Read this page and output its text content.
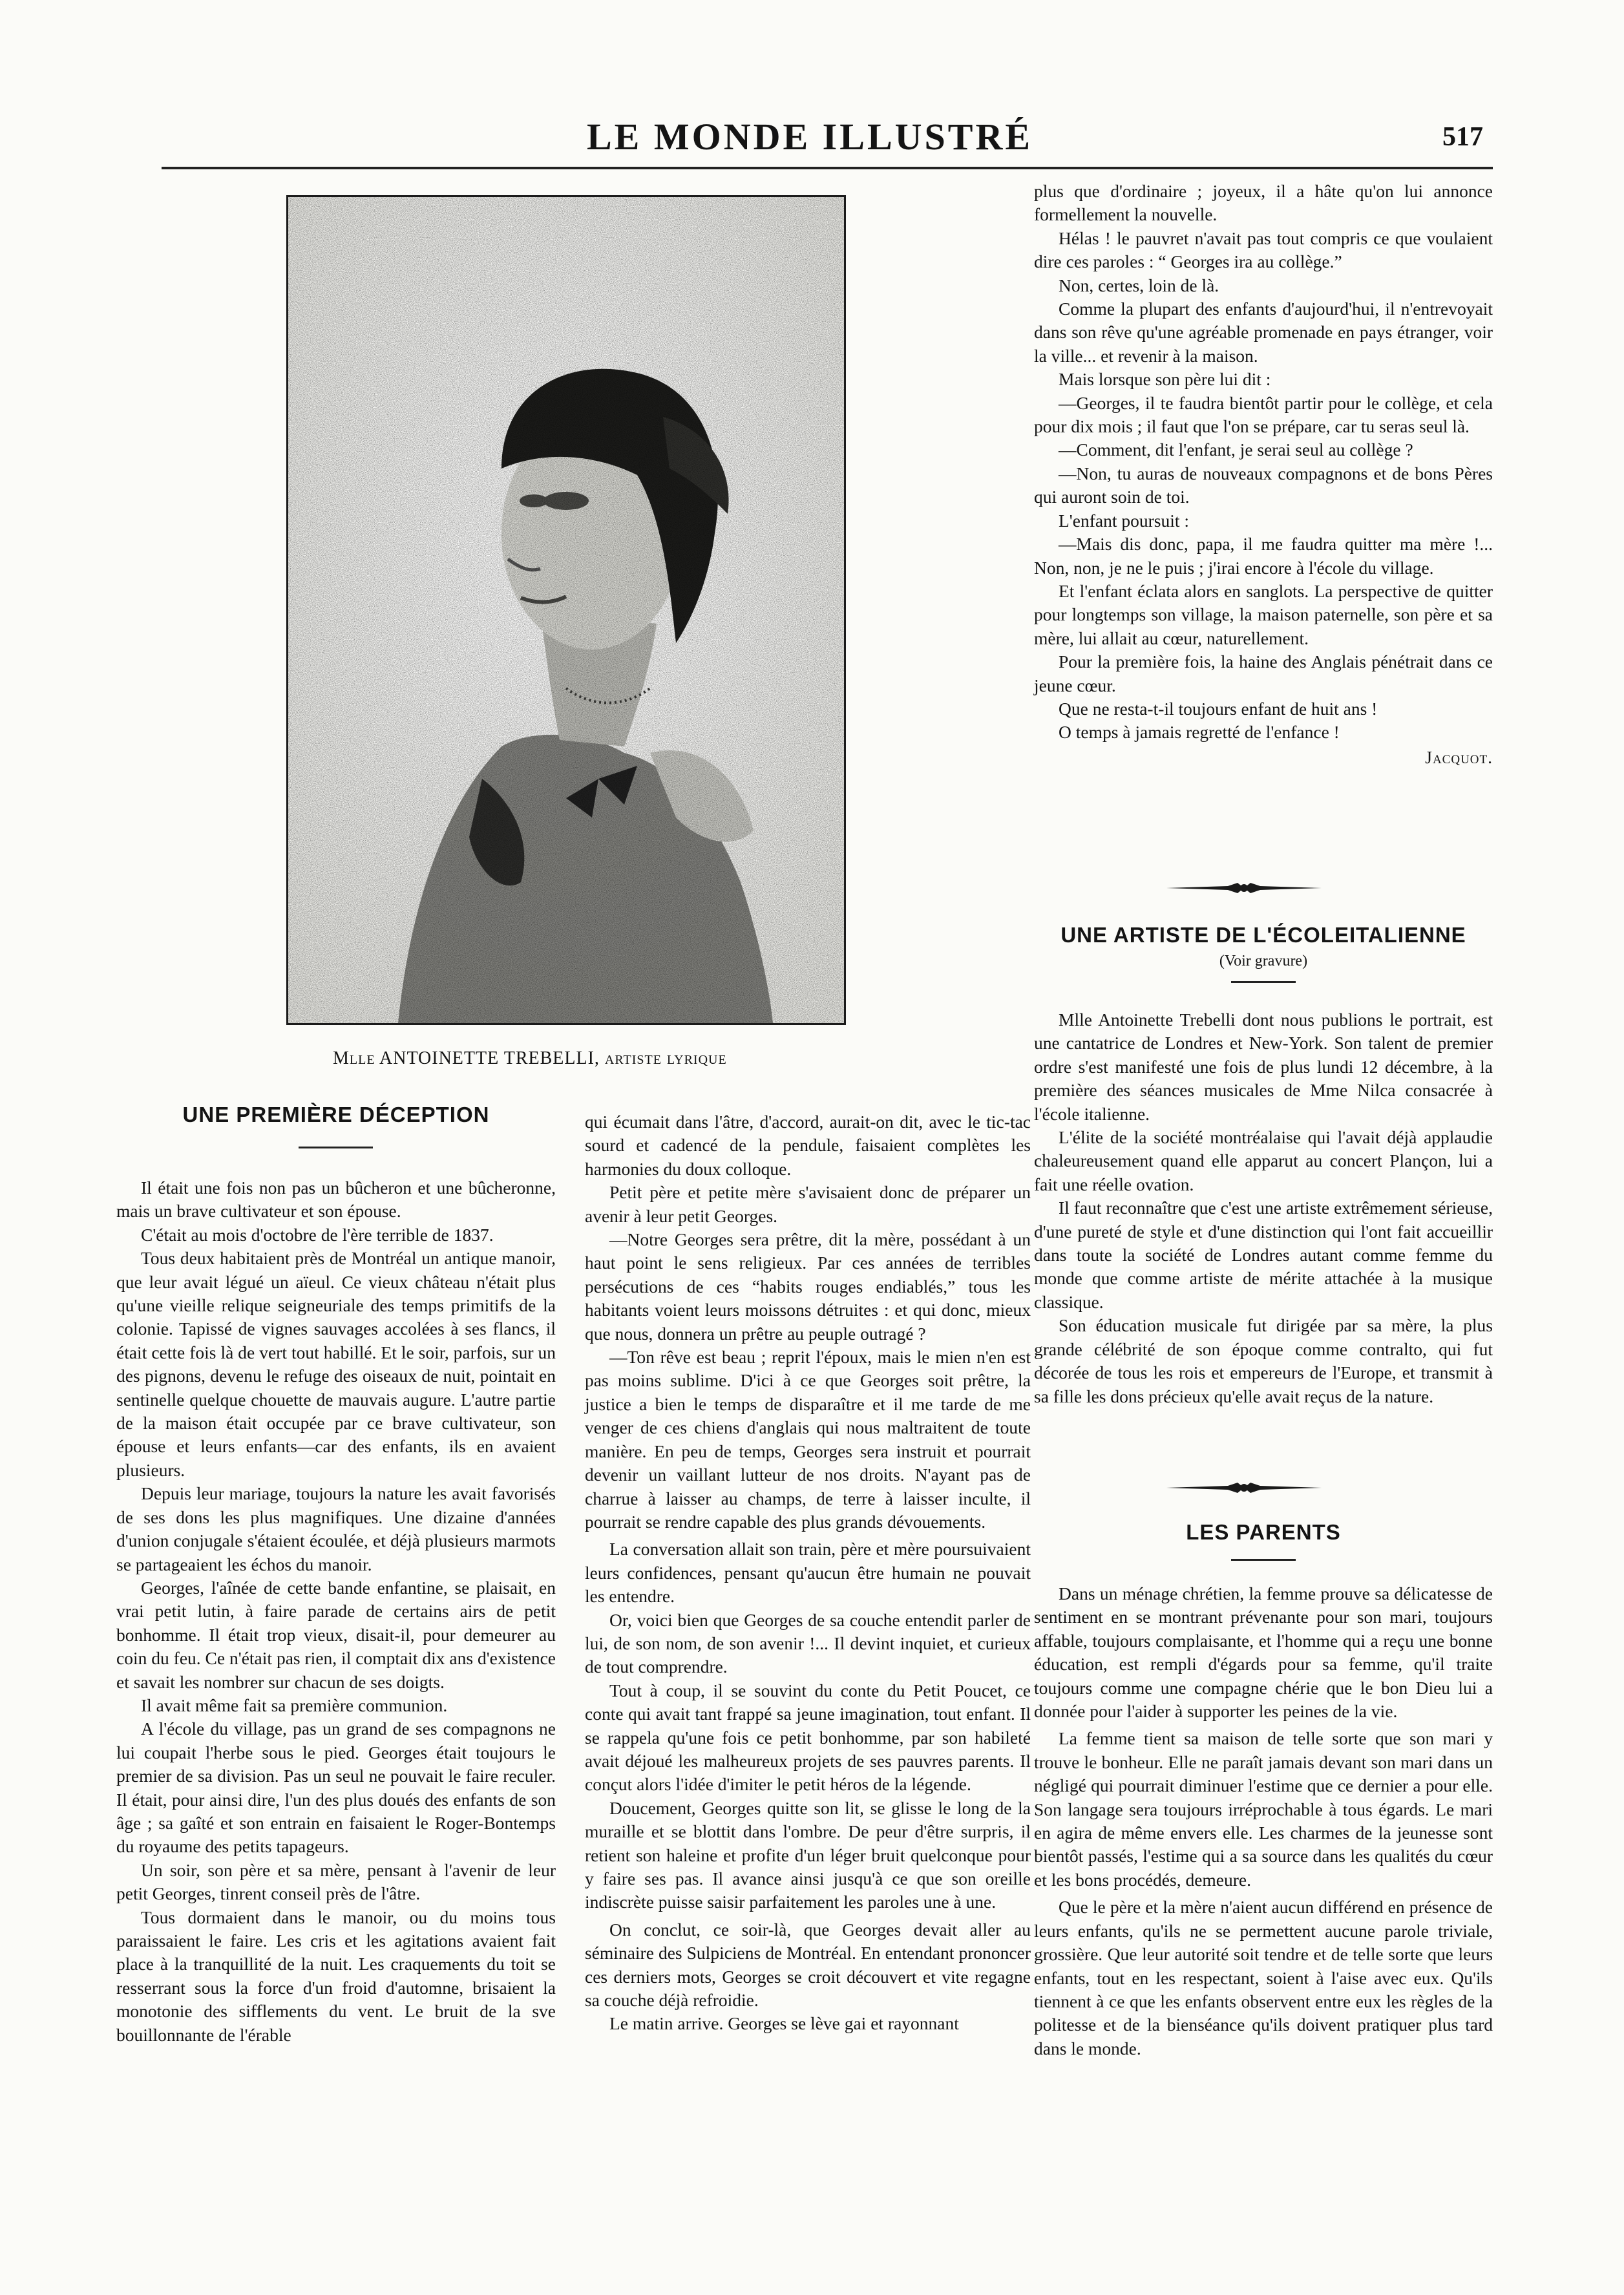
LE MONDE ILLUSTRÉ	517
Mlle ANTOINETTE TREBELLI, artiste lyrique
UNE PREMIÈRE DÉCEPTION

Il était une fois non pas un bûcheron et une bûcheronne, mais un brave cultivateur et son épouse.

C'était au mois d'octobre de l'ère terrible de 1837.

Tous deux habitaient près de Montréal un antique manoir, que leur avait légué un aïeul. Ce vieux château n'était plus qu'une vieille relique seigneuriale des temps primitifs de la colonie. Tapissé de vignes sauvages accolées à ses flancs, il était cette fois là de vert tout habillé. Et le soir, parfois, sur un des pignons, devenu le refuge des oiseaux de nuit, pointait en sentinelle quelque chouette de mauvais augure. L'autre partie de la maison était occupée par ce brave cultivateur, son épouse et leurs enfants—car des enfants, ils en avaient plusieurs.

Depuis leur mariage, toujours la nature les avait favorisés de ses dons les plus magnifiques. Une dizaine d'années d'union conjugale s'étaient écoulée, et déjà plusieurs marmots se partageaient les échos du manoir.

Georges, l'aînée de cette bande enfantine, se plaisait, en vrai petit lutin, à faire parade de certains airs de petit bonhomme. Il était trop vieux, disait-il, pour demeurer au coin du feu. Ce n'était pas rien, il comptait dix ans d'existence et savait les nombrer sur chacun de ses doigts.

Il avait même fait sa première communion.

A l'école du village, pas un grand de ses compagnons ne lui coupait l'herbe sous le pied. Georges était toujours le premier de sa division. Pas un seul ne pouvait le faire reculer. Il était, pour ainsi dire, l'un des plus doués des enfants de son âge ; sa gaîté et son entrain en faisaient le Roger-Bontemps du royaume des petits tapageurs.

Un soir, son père et sa mère, pensant à l'avenir de leur petit Georges, tinrent conseil près de l'âtre.

Tous dormaient dans le manoir, ou du moins tous paraissaient le faire. Les cris et les agitations avaient fait place à la tranquillité de la nuit. Les craquements du toit se resserrant sous la force d'un froid d'automne, brisaient la monotonie des sifflements du vent. Le bruit de la sve bouillonnante de l'érable

qui écumait dans l'âtre, d'accord, aurait-on dit, avec le tic-tac sourd et cadencé de la pendule, faisaient complètes les harmonies du doux colloque.

Petit père et petite mère s'avisaient donc de préparer un avenir à leur petit Georges.

—Notre Georges sera prêtre, dit la mère, possédant à un haut point le sens religieux. Par ces années de terribles persécutions de ces “habits rouges endiablés,” tous les habitants voient leurs moissons détruites : et qui donc, mieux que nous, donnera un prêtre au peuple outragé ?

—Ton rêve est beau ; reprit l'époux, mais le mien n'en est pas moins sublime. D'ici à ce que Georges soit prêtre, la justice a bien le temps de disparaître et il me tarde de me venger de ces chiens d'anglais qui nous maltraitent de toute manière. En peu de temps, Georges sera instruit et pourrait devenir un vaillant lutteur de nos droits. N'ayant pas de charrue à laisser au champs, de terre à laisser inculte, il pourrait se rendre capable des plus grands dévouements.

La conversation allait son train, père et mère poursuivaient leurs confidences, pensant qu'aucun être humain ne pouvait les entendre.

Or, voici bien que Georges de sa couche entendit parler de lui, de son nom, de son avenir !... Il devint inquiet, et curieux de tout comprendre.

Tout à coup, il se souvint du conte du Petit Poucet, ce conte qui avait tant frappé sa jeune imagination, tout enfant. Il se rappela qu'une fois ce petit bonhomme, par son habileté avait déjoué les malheureux projets de ses pauvres parents. Il conçut alors l'idée d'imiter le petit héros de la légende.

Doucement, Georges quitte son lit, se glisse le long de la muraille et se blottit dans l'ombre. De peur d'être surpris, il retient son haleine et profite d'un léger bruit quelconque pour y faire ses pas. Il avance ainsi jusqu'à ce que son oreille indiscrète puisse saisir parfaitement les paroles une à une.

On conclut, ce soir-là, que Georges devait aller au séminaire des Sulpiciens de Montréal. En entendant prononcer ces derniers mots, Georges se croit découvert et vite regagne sa couche déjà refroidie.

Le matin arrive. Georges se lève gai et rayonnant

plus que d'ordinaire ; joyeux, il a hâte qu'on lui annonce formellement la nouvelle.

Hélas ! le pauvret n'avait pas tout compris ce que voulaient dire ces paroles : “ Georges ira au collège.”

Non, certes, loin de là.

Comme la plupart des enfants d'aujourd'hui, il n'entrevoyait dans son rêve qu'une agréable promenade en pays étranger, voir la ville... et revenir à la maison.

Mais lorsque son père lui dit :

—Georges, il te faudra bientôt partir pour le collège, et cela pour dix mois ; il faut que l'on se prépare, car tu seras seul là.

—Comment, dit l'enfant, je serai seul au collège ?

—Non, tu auras de nouveaux compagnons et de bons Pères qui auront soin de toi.

L'enfant poursuit :

—Mais dis donc, papa, il me faudra quitter ma mère !... Non, non, je ne le puis ; j'irai encore à l'école du village.

Et l'enfant éclata alors en sanglots. La perspective de quitter pour longtemps son village, la maison paternelle, son père et sa mère, lui allait au cœur, naturellement.

Pour la première fois, la haine des Anglais pénétrait dans ce jeune cœur.

Que ne resta-t-il toujours enfant de huit ans !

O temps à jamais regretté de l'enfance !

Jacquot.

UNE ARTISTE DE L'ÉCOLEITALIENNE
(Voir gravure)

Mlle Antoinette Trebelli dont nous publions le portrait, est une cantatrice de Londres et New-York. Son talent de premier ordre s'est manifesté une fois de plus lundi 12 décembre, à la première des séances musicales de Mme Nilca consacrée à l'école italienne.

L'élite de la société montréalaise qui l'avait déjà applaudie chaleureusement quand elle apparut au concert Plançon, lui a fait une réelle ovation.

Il faut reconnaître que c'est une artiste extrêmement sérieuse, d'une pureté de style et d'une distinction qui l'ont fait accueillir dans toute la société de Londres autant comme femme du monde que comme artiste de mérite attachée à la musique classique.

Son éducation musicale fut dirigée par sa mère, la plus grande célébrité de son époque comme contralto, qui fut décorée de tous les rois et empereurs de l'Europe, et transmit à sa fille les dons précieux qu'elle avait reçus de la nature.

LES PARENTS

Dans un ménage chrétien, la femme prouve sa délicatesse de sentiment en se montrant prévenante pour son mari, toujours affable, toujours complaisante, et l'homme qui a reçu une bonne éducation, est rempli d'égards pour sa femme, qu'il traite toujours comme une compagne chérie que le bon Dieu lui a donnée pour l'aider à supporter les peines de la vie.

La femme tient sa maison de telle sorte que son mari y trouve le bonheur. Elle ne paraît jamais devant son mari dans un négligé qui pourrait diminuer l'estime que ce dernier a pour elle. Son langage sera toujours irréprochable à tous égards. Le mari en agira de même envers elle. Les charmes de la jeunesse sont bientôt passés, l'estime qui a sa source dans les qualités du cœur et les bons procédés, demeure.

Que le père et la mère n'aient aucun différend en présence de leurs enfants, qu'ils ne se permettent aucune parole triviale, grossière. Que leur autorité soit tendre et de telle sorte que leurs enfants, tout en les respectant, soient à l'aise avec eux. Qu'ils tiennent à ce que les enfants observent entre eux les règles de la politesse et de la bienséance qu'ils doivent pratiquer plus tard dans le monde.
